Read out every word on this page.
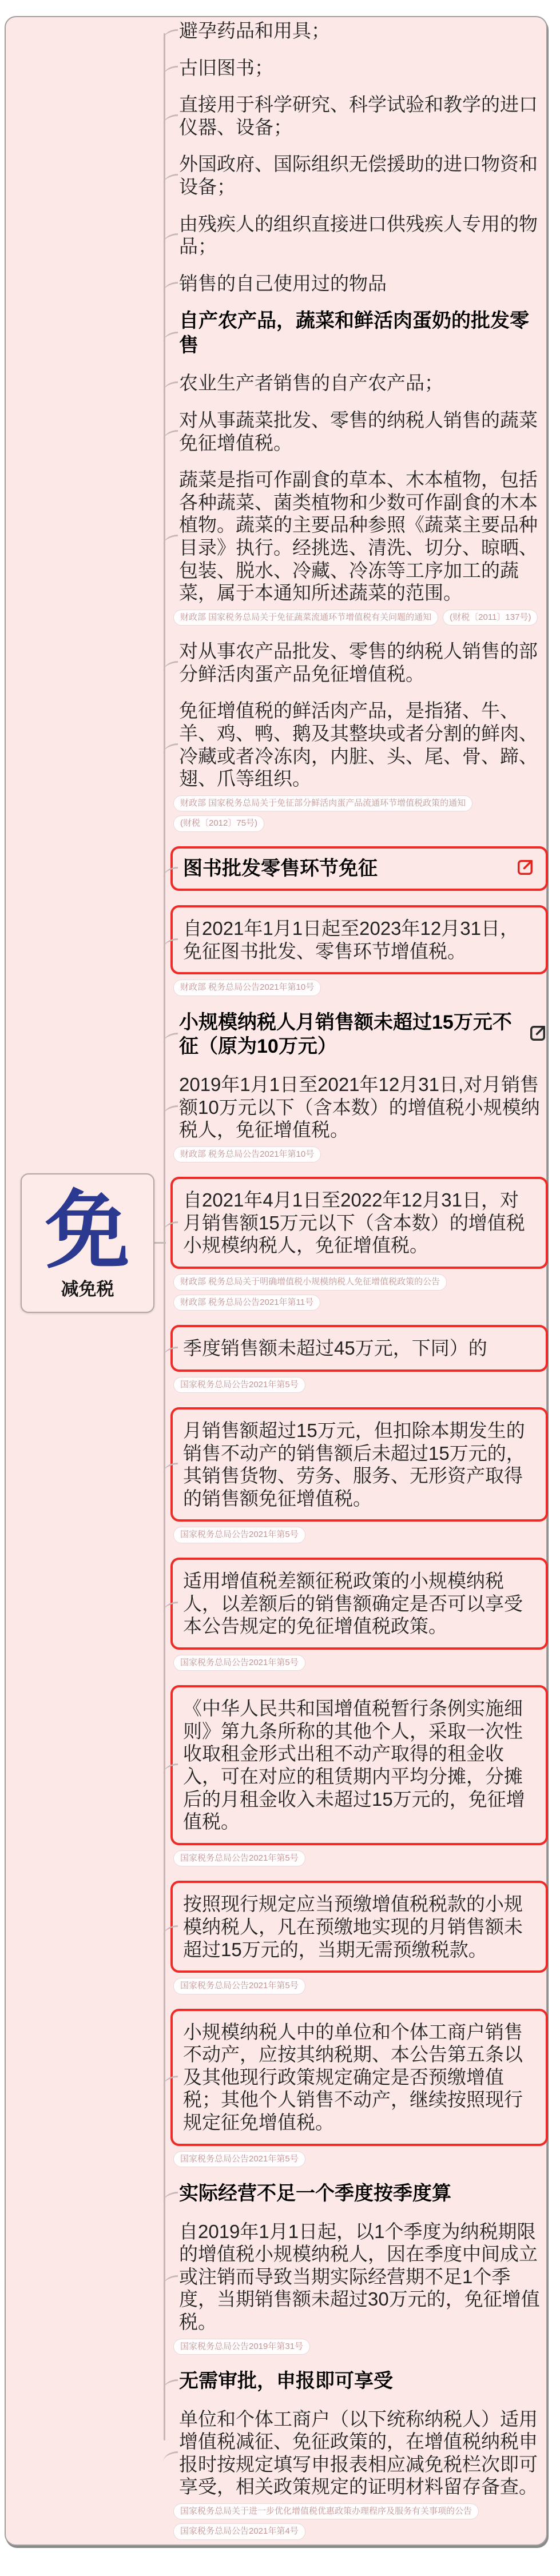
免
减免税

避孕药品和用具；

古旧图书；

直接用于科学研究、科学试验和教学的进口仪器、设备；

外国政府、国际组织无偿援助的进口物资和设备；

由残疾人的组织直接进口供残疾人专用的物品；

销售的自己使用过的物品

自产农产品，蔬菜和鲜活肉蛋奶的批发零售

农业生产者销售的自产农产品；

对从事蔬菜批发、零售的纳税人销售的蔬菜免征增值税。

蔬菜是指可作副食的草本、木本植物，包括各种蔬菜、菌类植物和少数可作副食的木本植物。蔬菜的主要品种参照《蔬菜主要品种目录》执行。经挑选、清洗、切分、晾晒、包装、脱水、冷藏、冷冻等工序加工的蔬菜，属于本通知所述蔬菜的范围。

财政部 国家税务总局关于免征蔬菜流通环节增值税有关问题的通知	(财税〔2011〕137号)

对从事农产品批发、零售的纳税人销售的部分鲜活肉蛋产品免征增值税。

免征增值税的鲜活肉产品，是指猪、牛、羊、鸡、鸭、鹅及其整块或者分割的鲜肉、冷藏或者冷冻肉，内脏、头、尾、骨、蹄、翅、爪等组织。

财政部 国家税务总局关于免征部分鲜活肉蛋产品流通环节增值税政策的通知
(财税〔2012〕75号)
图书批发零售环节免征

自2021年1月1日起至2023年12月31日，免征图书批发、零售环节增值税。

财政部 税务总局公告2021年第10号
小规模纳税人月销售额未超过15万元不征（原为10万元）

2019年1月1日至2021年12月31日,对月销售额10万元以下（含本数）的增值税小规模纳税人，免征增值税。

财政部 税务总局公告2021年第10号

自2021年4月1日至2022年12月31日，对月销售额15万元以下（含本数）的增值税小规模纳税人，免征增值税。

财政部 税务总局关于明确增值税小规模纳税人免征增值税政策的公告
财政部 税务总局公告2021年第11号

季度销售额未超过45万元，下同）的

国家税务总局公告2021年第5号

月销售额超过15万元，但扣除本期发生的销售不动产的销售额后未超过15万元的，其销售货物、劳务、服务、无形资产取得的销售额免征增值税。

国家税务总局公告2021年第5号

适用增值税差额征税政策的小规模纳税人，以差额后的销售额确定是否可以享受本公告规定的免征增值税政策。

国家税务总局公告2021年第5号

《中华人民共和国增值税暂行条例实施细则》第九条所称的其他个人，采取一次性收取租金形式出租不动产取得的租金收入，可在对应的租赁期内平均分摊，分摊后的月租金收入未超过15万元的，免征增值税。

国家税务总局公告2021年第5号

按照现行规定应当预缴增值税税款的小规模纳税人，凡在预缴地实现的月销售额未超过15万元的，当期无需预缴税款。

国家税务总局公告2021年第5号

小规模纳税人中的单位和个体工商户销售不动产，应按其纳税期、本公告第五条以及其他现行政策规定确定是否预缴增值税；其他个人销售不动产，继续按照现行规定征免增值税。

国家税务总局公告2021年第5号
实际经营不足一个季度按季度算

自2019年1月1日起，以1个季度为纳税期限的增值税小规模纳税人，因在季度中间成立或注销而导致当期实际经营期不足1个季度，当期销售额未超过30万元的，免征增值税。

国家税务总局公告2019年第31号
无需审批，申报即可享受

单位和个体工商户（以下统称纳税人）适用增值税减征、免征政策的，在增值税纳税申报时按规定填写申报表相应减免税栏次即可享受，相关政策规定的证明材料留存备查。

国家税务总局关于进一步优化增值税优惠政策办理程序及服务有关事项的公告
国家税务总局公告2021年第4号
